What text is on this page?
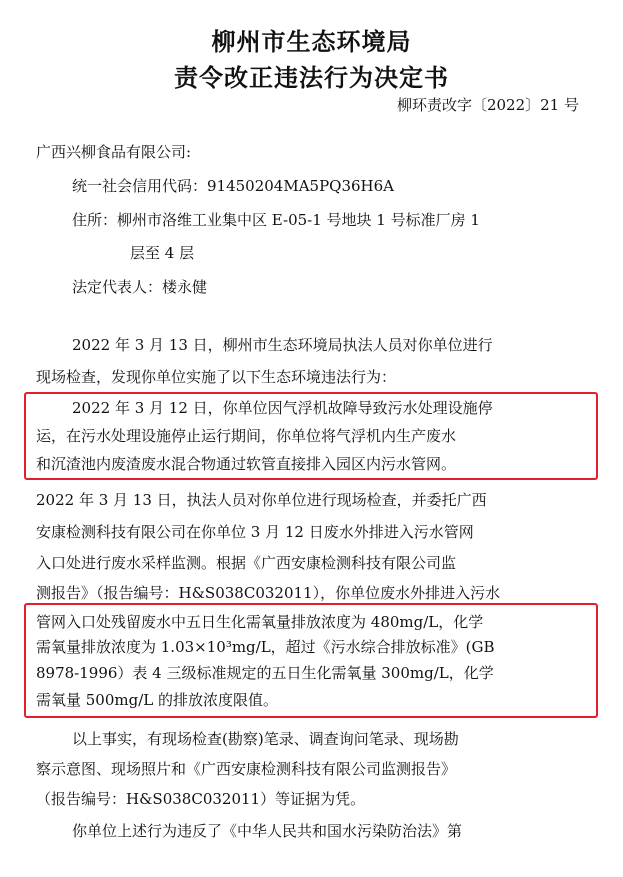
柳州市生态环境局
责令改正违法行为决定书
柳环责改字〔2022〕21 号
广西兴柳食品有限公司:
统一社会信用代码：91450204MA5PQ36H6A
住所：柳州市洛维工业集中区 E-05-1 号地块 1 号标准厂房 1
层至 4 层
法定代表人：楼永健
2022 年 3 月 13 日，柳州市生态环境局执法人员对你单位进行
现场检查，发现你单位实施了以下生态环境违法行为：
2022 年 3 月 12 日，你单位因气浮机故障导致污水处理设施停
运，在污水处理设施停止运行期间，你单位将气浮机内生产废水
和沉渣池内废渣废水混合物通过软管直接排入园区内污水管网。
2022 年 3 月 13 日，执法人员对你单位进行现场检查，并委托广西
安康检测科技有限公司在你单位 3 月 12 日废水外排进入污水管网
入口处进行废水采样监测。根据《广西安康检测科技有限公司监
测报告》（报告编号：H&S038C032011），你单位废水外排进入污水
管网入口处残留废水中五日生化需氧量排放浓度为 480mg/L，化学
需氧量排放浓度为 1.03×10³mg/L，超过《污水综合排放标准》(GB
8978-1996）表 4 三级标准规定的五日生化需氧量 300mg/L，化学
需氧量 500mg/L 的排放浓度限值。
以上事实，有现场检查(勘察)笔录、调查询问笔录、现场勘
察示意图、现场照片和《广西安康检测科技有限公司监测报告》
（报告编号：H&S038C032011）等证据为凭。
你单位上述行为违反了《中华人民共和国水污染防治法》第
